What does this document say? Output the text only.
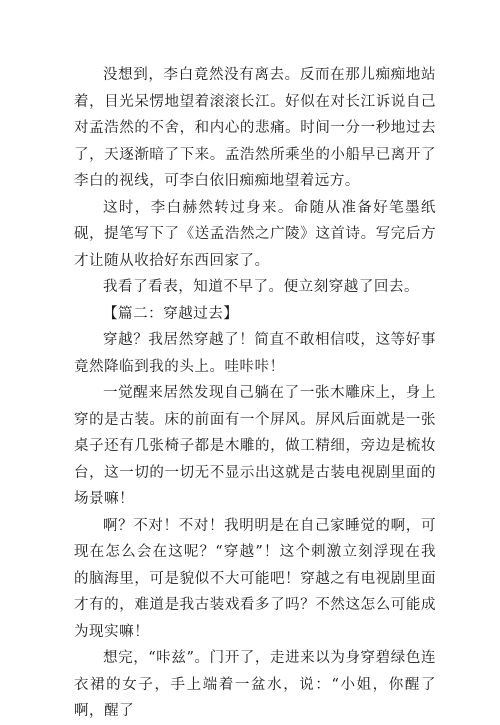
没想到，李白竟然没有离去。反而在那儿痴痴地站着，目光呆愣地望着滚滚长江。好似在对长江诉说自己对孟浩然的不舍，和内心的悲痛。时间一分一秒地过去了，天逐渐暗了下来。孟浩然所乘坐的小船早已离开了李白的视线，可李白依旧痴痴地望着远方。

这时，李白赫然转过身来。命随从准备好笔墨纸砚，提笔写下了《送孟浩然之广陵》这首诗。写完后方才让随从收拾好东西回家了。

我看了看表，知道不早了。便立刻穿越了回去。

【篇二：穿越过去】

穿越？我居然穿越了！简直不敢相信哎，这等好事竟然降临到我的头上。哇咔咔！

一觉醒来居然发现自己躺在了一张木雕床上，身上穿的是古装。床的前面有一个屏风。屏风后面就是一张桌子还有几张椅子都是木雕的，做工精细，旁边是梳妆台，这一切的一切无不显示出这就是古装电视剧里面的场景嘛！

啊？不对！不对！我明明是在自己家睡觉的啊，可现在怎么会在这呢？“穿越”！这个刺激立刻浮现在我的脑海里，可是貌似不大可能吧！穿越之有电视剧里面才有的，难道是我古装戏看多了吗？不然这怎么可能成为现实嘛！

想完，“咔兹”。门开了，走进来以为身穿碧绿色连衣裙的女子，手上端着一盆水，说：“小姐，你醒了啊，醒了
